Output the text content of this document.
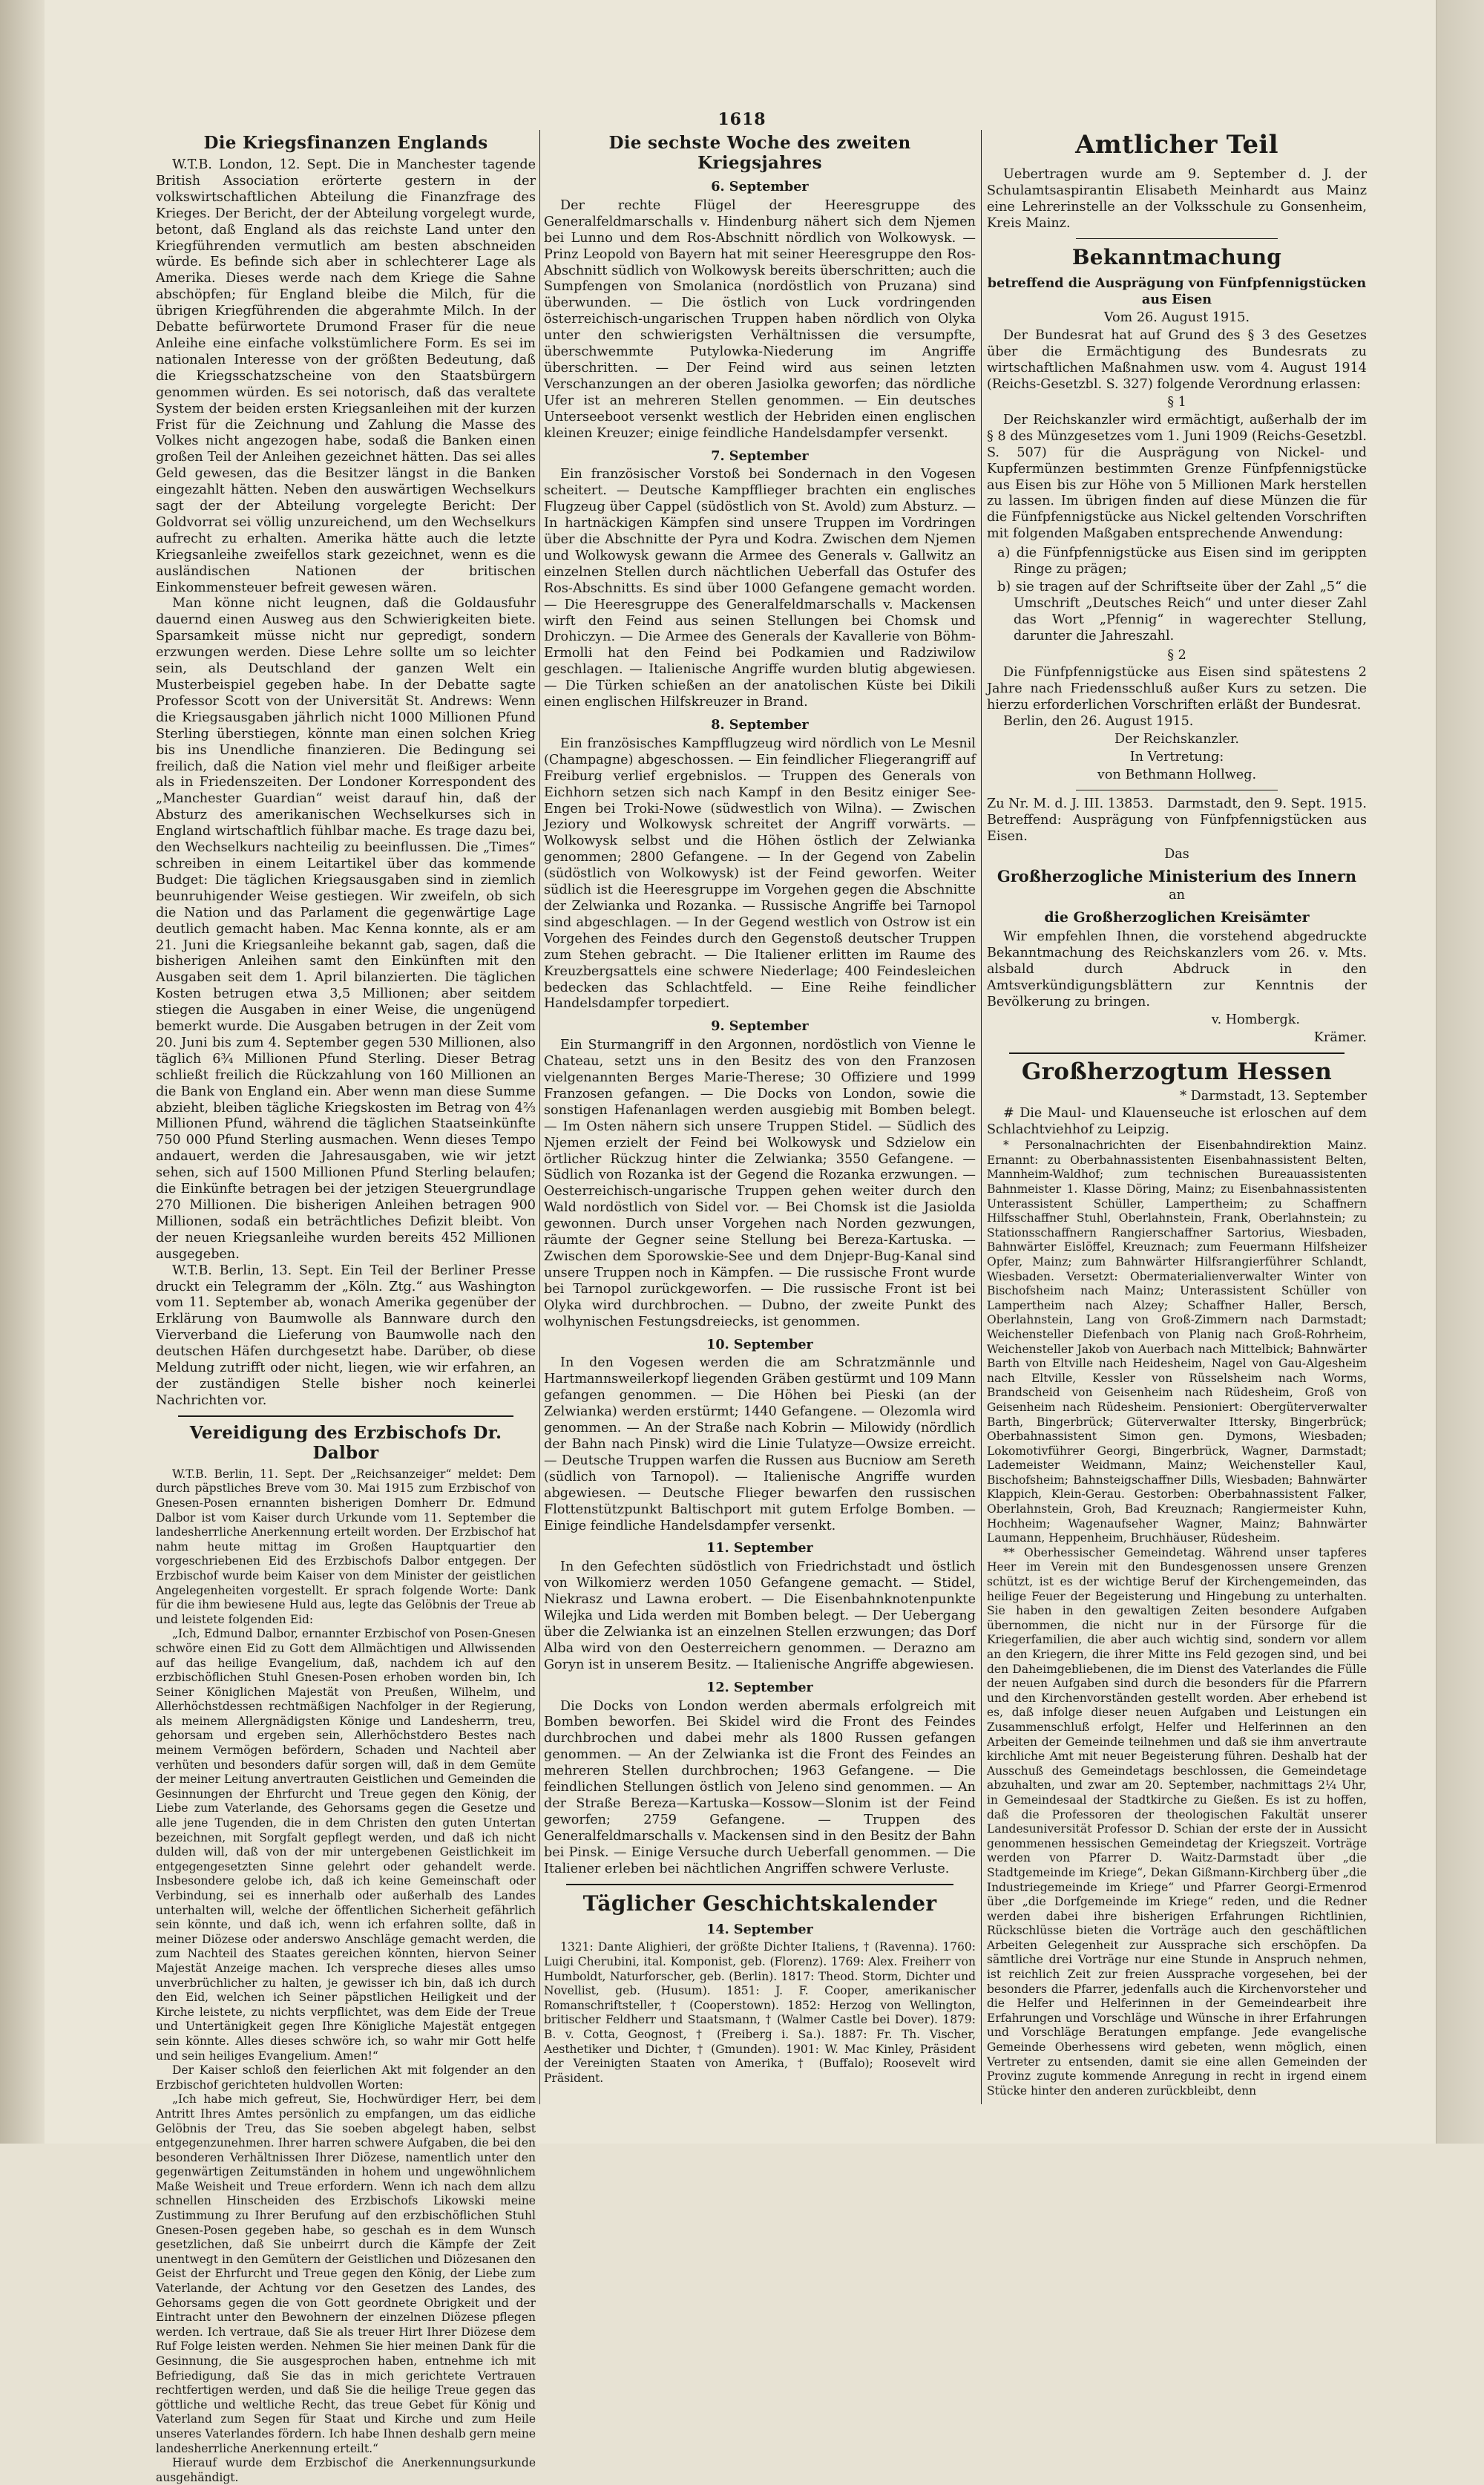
1618
Die Kriegsfinanzen Englands

W.T.B. London, 12. Sept. Die in Manchester tagende British Association erörterte gestern in der volkswirtschaftlichen Abteilung die Finanzfrage des Krieges. Der Bericht, der der Abteilung vorgelegt wurde, betont, daß England als das reichste Land unter den Kriegführenden vermutlich am besten abschneiden würde. Es befinde sich aber in schlechterer Lage als Amerika. Dieses werde nach dem Kriege die Sahne abschöpfen; für England bleibe die Milch, für die übrigen Kriegführenden die abgerahmte Milch. In der Debatte befürwortete Drumond Fraser für die neue Anleihe eine einfache volkstümlichere Form. Es sei im nationalen Interesse von der größten Bedeutung, daß die Kriegsschatzscheine von den Staatsbürgern genommen würden. Es sei notorisch, daß das veraltete System der beiden ersten Kriegsanleihen mit der kurzen Frist für die Zeichnung und Zahlung die Masse des Volkes nicht angezogen habe, sodaß die Banken einen großen Teil der Anleihen gezeichnet hätten. Das sei alles Geld gewesen, das die Besitzer längst in die Banken eingezahlt hätten. Neben den auswärtigen Wechselkurs sagt der der Abteilung vorgelegte Bericht: Der Goldvorrat sei völlig unzureichend, um den Wechselkurs aufrecht zu erhalten. Amerika hätte auch die letzte Kriegsanleihe zweifellos stark gezeichnet, wenn es die ausländischen Nationen der britischen Einkommensteuer befreit gewesen wären.

Man könne nicht leugnen, daß die Goldausfuhr dauernd einen Ausweg aus den Schwierigkeiten biete. Sparsamkeit müsse nicht nur gepredigt, sondern erzwungen werden. Diese Lehre sollte um so leichter sein, als Deutschland der ganzen Welt ein Musterbeispiel gegeben habe. In der Debatte sagte Professor Scott von der Universität St. Andrews: Wenn die Kriegsausgaben jährlich nicht 1000 Millionen Pfund Sterling überstiegen, könnte man einen solchen Krieg bis ins Unendliche finanzieren. Die Bedingung sei freilich, daß die Nation viel mehr und fleißiger arbeite als in Friedenszeiten. Der Londoner Korrespondent des „Manchester Guardian“ weist darauf hin, daß der Absturz des amerikanischen Wechselkurses sich in England wirtschaftlich fühlbar mache. Es trage dazu bei, den Wechselkurs nachteilig zu beeinflussen. Die „Times“ schreiben in einem Leitartikel über das kommende Budget: Die täglichen Kriegsausgaben sind in ziemlich beunruhigender Weise gestiegen. Wir zweifeln, ob sich die Nation und das Parlament die gegenwärtige Lage deutlich gemacht haben. Mac Kenna konnte, als er am 21. Juni die Kriegsanleihe bekannt gab, sagen, daß die bisherigen Anleihen samt den Einkünften mit den Ausgaben seit dem 1. April bilanzierten. Die täglichen Kosten betrugen etwa 3,5 Millionen; aber seitdem stiegen die Ausgaben in einer Weise, die ungenügend bemerkt wurde. Die Ausgaben betrugen in der Zeit vom 20. Juni bis zum 4. September gegen 530 Millionen, also täglich 6¾ Millionen Pfund Sterling. Dieser Betrag schließt freilich die Rückzahlung von 160 Millionen an die Bank von England ein. Aber wenn man diese Summe abzieht, bleiben tägliche Kriegskosten im Betrag von 4⅔ Millionen Pfund, während die täglichen Staatseinkünfte 750 000 Pfund Sterling ausmachen. Wenn dieses Tempo andauert, werden die Jahresausgaben, wie wir jetzt sehen, sich auf 1500 Millionen Pfund Sterling belaufen; die Einkünfte betragen bei der jetzigen Steuergrundlage 270 Millionen. Die bisherigen Anleihen betragen 900 Millionen, sodaß ein beträchtliches Defizit bleibt. Von der neuen Kriegsanleihe wurden bereits 452 Millionen ausgegeben.

W.T.B. Berlin, 13. Sept. Ein Teil der Berliner Presse druckt ein Telegramm der „Köln. Ztg.“ aus Washington vom 11. September ab, wonach Amerika gegenüber der Erklärung von Baumwolle als Bannware durch den Vierverband die Lieferung von Baumwolle nach den deutschen Häfen durchgesetzt habe. Darüber, ob diese Meldung zutrifft oder nicht, liegen, wie wir erfahren, an der zuständigen Stelle bisher noch keinerlei Nachrichten vor.

Vereidigung des Erzbischofs Dr. Dalbor

W.T.B. Berlin, 11. Sept. Der „Reichsanzeiger“ meldet: Dem durch päpstliches Breve vom 30. Mai 1915 zum Erzbischof von Gnesen-Posen ernannten bisherigen Domherr Dr. Edmund Dalbor ist vom Kaiser durch Urkunde vom 11. September die landesherrliche Anerkennung erteilt worden. Der Erzbischof hat nahm heute mittag im Großen Hauptquartier den vorgeschriebenen Eid des Erzbischofs Dalbor entgegen. Der Erzbischof wurde beim Kaiser von dem Minister der geistlichen Angelegenheiten vorgestellt. Er sprach folgende Worte: Dank für die ihm bewiesene Huld aus, legte das Gelöbnis der Treue ab und leistete folgenden Eid:

„Ich, Edmund Dalbor, ernannter Erzbischof von Posen-Gnesen schwöre einen Eid zu Gott dem Allmächtigen und Allwissenden auf das heilige Evangelium, daß, nachdem ich auf den erzbischöflichen Stuhl Gnesen-Posen erhoben worden bin, Ich Seiner Königlichen Majestät von Preußen, Wilhelm, und Allerhöchstdessen rechtmäßigen Nachfolger in der Regierung, als meinem Allergnädigsten Könige und Landesherrn, treu, gehorsam und ergeben sein, Allerhöchstdero Bestes nach meinem Vermögen befördern, Schaden und Nachteil aber verhüten und besonders dafür sorgen will, daß in dem Gemüte der meiner Leitung anvertrauten Geistlichen und Gemeinden die Gesinnungen der Ehrfurcht und Treue gegen den König, der Liebe zum Vaterlande, des Gehorsams gegen die Gesetze und alle jene Tugenden, die in dem Christen den guten Untertan bezeichnen, mit Sorgfalt gepflegt werden, und daß ich nicht dulden will, daß von der mir untergebenen Geistlichkeit im entgegengesetzten Sinne gelehrt oder gehandelt werde. Insbesondere gelobe ich, daß ich keine Gemeinschaft oder Verbindung, sei es innerhalb oder außerhalb des Landes unterhalten will, welche der öffentlichen Sicherheit gefährlich sein könnte, und daß ich, wenn ich erfahren sollte, daß in meiner Diözese oder anderswo Anschläge gemacht werden, die zum Nachteil des Staates gereichen könnten, hiervon Seiner Majestät Anzeige machen. Ich verspreche dieses alles umso unverbrüchlicher zu halten, je gewisser ich bin, daß ich durch den Eid, welchen ich Seiner päpstlichen Heiligkeit und der Kirche leistete, zu nichts verpflichtet, was dem Eide der Treue und Untertänigkeit gegen Ihre Königliche Majestät entgegen sein könnte. Alles dieses schwöre ich, so wahr mir Gott helfe und sein heiliges Evangelium. Amen!“

Der Kaiser schloß den feierlichen Akt mit folgender an den Erzbischof gerichteten huldvollen Worten:

„Ich habe mich gefreut, Sie, Hochwürdiger Herr, bei dem Antritt Ihres Amtes persönlich zu empfangen, um das eidliche Gelöbnis der Treu, das Sie soeben abgelegt haben, selbst entgegenzunehmen. Ihrer harren schwere Aufgaben, die bei den besonderen Verhältnissen Ihrer Diözese, namentlich unter den gegenwärtigen Zeitumständen in hohem und ungewöhnlichem Maße Weisheit und Treue erfordern. Wenn ich nach dem allzu schnellen Hinscheiden des Erzbischofs Likowski meine Zustimmung zu Ihrer Berufung auf den erzbischöflichen Stuhl Gnesen-Posen gegeben habe, so geschah es in dem Wunsch gesetzlichen, daß Sie unbeirrt durch die Kämpfe der Zeit unentwegt in den Gemütern der Geistlichen und Diözesanen den Geist der Ehrfurcht und Treue gegen den König, der Liebe zum Vaterlande, der Achtung vor den Gesetzen des Landes, des Gehorsams gegen die von Gott geordnete Obrigkeit und der Eintracht unter den Bewohnern der einzelnen Diözese pflegen werden. Ich vertraue, daß Sie als treuer Hirt Ihrer Diözese dem Ruf Folge leisten werden. Nehmen Sie hier meinen Dank für die Gesinnung, die Sie ausgesprochen haben, entnehme ich mit Befriedigung, daß Sie das in mich gerichtete Vertrauen rechtfertigen werden, und daß Sie die heilige Treue gegen das göttliche und weltliche Recht, das treue Gebet für König und Vaterland zum Segen für Staat und Kirche und zum Heile unseres Vaterlandes fördern. Ich habe Ihnen deshalb gern meine landesherrliche Anerkennung erteilt.“

Hierauf wurde dem Erzbischof die Anerkennungsurkunde ausgehändigt.

Die sechste Woche des zweiten Kriegsjahres
6. September

Der rechte Flügel der Heeresgruppe des Generalfeldmarschalls v. Hindenburg nähert sich dem Njemen bei Lunno und dem Ros-Abschnitt nördlich von Wolkowysk. — Prinz Leopold von Bayern hat mit seiner Heeresgruppe den Ros-Abschnitt südlich von Wolkowysk bereits überschritten; auch die Sumpfengen von Smolanica (nordöstlich von Pruzana) sind überwunden. — Die östlich von Luck vordringenden österreichisch-ungarischen Truppen haben nördlich von Olyka unter den schwierigsten Verhältnissen die versumpfte, überschwemmte Putylowka-Niederung im Angriffe überschritten. — Der Feind wird aus seinen letzten Verschanzungen an der oberen Jasiolka geworfen; das nördliche Ufer ist an mehreren Stellen genommen. — Ein deutsches Unterseeboot versenkt westlich der Hebriden einen englischen kleinen Kreuzer; einige feindliche Handelsdampfer versenkt.

7. September

Ein französischer Vorstoß bei Sondernach in den Vogesen scheitert. — Deutsche Kampfflieger brachten ein englisches Flugzeug über Cappel (südöstlich von St. Avold) zum Absturz. — In hartnäckigen Kämpfen sind unsere Truppen im Vordringen über die Abschnitte der Pyra und Kodra. Zwischen dem Njemen und Wolkowysk gewann die Armee des Generals v. Gallwitz an einzelnen Stellen durch nächtlichen Ueberfall das Ostufer des Ros-Abschnitts. Es sind über 1000 Gefangene gemacht worden. — Die Heeresgruppe des Generalfeldmarschalls v. Mackensen wirft den Feind aus seinen Stellungen bei Chomsk und Drohiczyn. — Die Armee des Generals der Kavallerie von Böhm-Ermolli hat den Feind bei Podkamien und Radziwilow geschlagen. — Italienische Angriffe wurden blutig abgewiesen. — Die Türken schießen an der anatolischen Küste bei Dikili einen englischen Hilfskreuzer in Brand.

8. September

Ein französisches Kampfflugzeug wird nördlich von Le Mesnil (Champagne) abgeschossen. — Ein feindlicher Fliegerangriff auf Freiburg verlief ergebnislos. — Truppen des Generals von Eichhorn setzen sich nach Kampf in den Besitz einiger See-Engen bei Troki-Nowe (südwestlich von Wilna). — Zwischen Jeziory und Wolkowysk schreitet der Angriff vorwärts. — Wolkowysk selbst und die Höhen östlich der Zelwianka genommen; 2800 Gefangene. — In der Gegend von Zabelin (südöstlich von Wolkowysk) ist der Feind geworfen. Weiter südlich ist die Heeresgruppe im Vorgehen gegen die Abschnitte der Zelwianka und Rozanka. — Russische Angriffe bei Tarnopol sind abgeschlagen. — In der Gegend westlich von Ostrow ist ein Vorgehen des Feindes durch den Gegenstoß deutscher Truppen zum Stehen gebracht. — Die Italiener erlitten im Raume des Kreuzbergsattels eine schwere Niederlage; 400 Feindesleichen bedecken das Schlachtfeld. — Eine Reihe feindlicher Handelsdampfer torpediert.

9. September

Ein Sturmangriff in den Argonnen, nordöstlich von Vienne le Chateau, setzt uns in den Besitz des von den Franzosen vielgenannten Berges Marie-Therese; 30 Offiziere und 1999 Franzosen gefangen. — Die Docks von London, sowie die sonstigen Hafenanlagen werden ausgiebig mit Bomben belegt. — Im Osten nähern sich unsere Truppen Stidel. — Südlich des Njemen erzielt der Feind bei Wolkowysk und Sdzielow ein örtlicher Rückzug hinter die Zelwianka; 3550 Gefangene. — Südlich von Rozanka ist der Gegend die Rozanka erzwungen. — Oesterreichisch-ungarische Truppen gehen weiter durch den Wald nordöstlich von Sidel vor. — Bei Chomsk ist die Jasiolda gewonnen. Durch unser Vorgehen nach Norden gezwungen, räumte der Gegner seine Stellung bei Bereza-Kartuska. — Zwischen dem Sporowskie-See und dem Dnjepr-Bug-Kanal sind unsere Truppen noch in Kämpfen. — Die russische Front wurde bei Tarnopol zurückgeworfen. — Die russische Front ist bei Olyka wird durchbrochen. — Dubno, der zweite Punkt des wolhynischen Festungsdreiecks, ist genommen.

10. September

In den Vogesen werden die am Schratzmännle und Hartmannsweilerkopf liegenden Gräben gestürmt und 109 Mann gefangen genommen. — Die Höhen bei Pieski (an der Zelwianka) werden erstürmt; 1440 Gefangene. — Olezomla wird genommen. — An der Straße nach Kobrin — Milowidy (nördlich der Bahn nach Pinsk) wird die Linie Tulatyze—Owsize erreicht. — Deutsche Truppen warfen die Russen aus Bucniow am Sereth (südlich von Tarnopol). — Italienische Angriffe wurden abgewiesen. — Deutsche Flieger bewarfen den russischen Flottenstützpunkt Baltischport mit gutem Erfolge Bomben. — Einige feindliche Handelsdampfer versenkt.

11. September

In den Gefechten südöstlich von Friedrichstadt und östlich von Wilkomierz werden 1050 Gefangene gemacht. — Stidel, Niekrasz und Lawna erobert. — Die Eisenbahnknotenpunkte Wilejka und Lida werden mit Bomben belegt. — Der Uebergang über die Zelwianka ist an einzelnen Stellen erzwungen; das Dorf Alba wird von den Oesterreichern genommen. — Derazno am Goryn ist in unserem Besitz. — Italienische Angriffe abgewiesen.

12. September

Die Docks von London werden abermals erfolgreich mit Bomben beworfen. Bei Skidel wird die Front des Feindes durchbrochen und dabei mehr als 1800 Russen gefangen genommen. — An der Zelwianka ist die Front des Feindes an mehreren Stellen durchbrochen; 1963 Gefangene. — Die feindlichen Stellungen östlich von Jeleno sind genommen. — An der Straße Bereza—Kartuska—Kossow—Slonim ist der Feind geworfen; 2759 Gefangene. — Truppen des Generalfeldmarschalls v. Mackensen sind in den Besitz der Bahn bei Pinsk. — Einige Versuche durch Ueberfall genommen. — Die Italiener erleben bei nächtlichen Angriffen schwere Verluste.

Täglicher Geschichtskalender
14. September

1321: Dante Alighieri, der größte Dichter Italiens, † (Ravenna). 1760: Luigi Cherubini, ital. Komponist, geb. (Florenz). 1769: Alex. Freiherr von Humboldt, Naturforscher, geb. (Berlin). 1817: Theod. Storm, Dichter und Novellist, geb. (Husum). 1851: J. F. Cooper, amerikanischer Romanschriftsteller, † (Cooperstown). 1852: Herzog von Wellington, britischer Feldherr und Staatsmann, † (Walmer Castle bei Dover). 1879: B. v. Cotta, Geognost, † (Freiberg i. Sa.). 1887: Fr. Th. Vischer, Aesthetiker und Dichter, † (Gmunden). 1901: W. Mac Kinley, Präsident der Vereinigten Staaten von Amerika, † (Buffalo); Roosevelt wird Präsident.

Amtlicher Teil

Uebertragen wurde am 9. September d. J. der Schulamtsaspirantin Elisabeth Meinhardt aus Mainz eine Lehrerinstelle an der Volksschule zu Gonsenheim, Kreis Mainz.

Bekanntmachung
betreffend die Ausprägung von Fünfpfennigstücken aus Eisen
Vom 26. August 1915.

Der Bundesrat hat auf Grund des § 3 des Gesetzes über die Ermächtigung des Bundesrats zu wirtschaftlichen Maßnahmen usw. vom 4. August 1914 (Reichs-Gesetzbl. S. 327) folgende Verordnung erlassen:

§ 1

Der Reichskanzler wird ermächtigt, außerhalb der im § 8 des Münzgesetzes vom 1. Juni 1909 (Reichs-Gesetzbl. S. 507) für die Ausprägung von Nickel- und Kupfermünzen bestimmten Grenze Fünfpfennigstücke aus Eisen bis zur Höhe von 5 Millionen Mark herstellen zu lassen. Im übrigen finden auf diese Münzen die für die Fünfpfennigstücke aus Nickel geltenden Vorschriften mit folgenden Maßgaben entsprechende Anwendung:

a) die Fünfpfennigstücke aus Eisen sind im gerippten Ringe zu prägen;
b) sie tragen auf der Schriftseite über der Zahl „5“ die Umschrift „Deutsches Reich“ und unter dieser Zahl das Wort „Pfennig“ in wagerechter Stellung, darunter die Jahreszahl.
§ 2

Die Fünfpfennigstücke aus Eisen sind spätestens 2 Jahre nach Friedensschluß außer Kurs zu setzen. Die hierzu erforderlichen Vorschriften erläßt der Bundesrat.

Berlin, den 26. August 1915.

Der Reichskanzler.
In Vertretung:
von Bethmann Hollweg.
Zu Nr. M. d. J. III. 13853. Darmstadt, den 9. Sept. 1915.
Betreffend: Ausprägung von Fünfpfennigstücken aus Eisen.
Das
Großherzogliche Ministerium des Innern
an
die Großherzoglichen Kreisämter

Wir empfehlen Ihnen, die vorstehend abgedruckte Bekanntmachung des Reichskanzlers vom 26. v. Mts. alsbald durch Abdruck in den Amtsverkündigungsblättern zur Kenntnis der Bevölkerung zu bringen.

v. Hombergk.
Krämer.
Großherzogtum Hessen
* Darmstadt, 13. September

# Die Maul- und Klauenseuche ist erloschen auf dem Schlachtviehhof zu Leipzig.

* Personalnachrichten der Eisenbahndirektion Mainz. Ernannt: zu Oberbahnassistenten Eisenbahnassistent Belten, Mannheim-Waldhof; zum technischen Bureauassistenten Bahnmeister 1. Klasse Döring, Mainz; zu Eisenbahnassistenten Unterassistent Schüller, Lampertheim; zu Schaffnern Hilfsschaffner Stuhl, Oberlahnstein, Frank, Oberlahnstein; zu Stationsschaffnern Rangierschaffner Sartorius, Wiesbaden, Bahnwärter Eislöffel, Kreuznach; zum Feuermann Hilfsheizer Opfer, Mainz; zum Bahnwärter Hilfsrangierführer Schlandt, Wiesbaden. Versetzt: Obermaterialienverwalter Winter von Bischofsheim nach Mainz; Unterassistent Schüller von Lampertheim nach Alzey; Schaffner Haller, Bersch, Oberlahnstein, Lang von Groß-Zimmern nach Darmstadt; Weichensteller Diefenbach von Planig nach Groß-Rohrheim, Weichensteller Jakob von Auerbach nach Mittelbick; Bahnwärter Barth von Eltville nach Heidesheim, Nagel von Gau-Algesheim nach Eltville, Kessler von Rüsselsheim nach Worms, Brandscheid von Geisenheim nach Rüdesheim, Groß von Geisenheim nach Rüdesheim. Pensioniert: Obergüterverwalter Barth, Bingerbrück; Güterverwalter Ittersky, Bingerbrück; Oberbahnassistent Simon gen. Dymons, Wiesbaden; Lokomotivführer Georgi, Bingerbrück, Wagner, Darmstadt; Lademeister Weidmann, Mainz; Weichensteller Kaul, Bischofsheim; Bahnsteigschaffner Dills, Wiesbaden; Bahnwärter Klappich, Klein-Gerau. Gestorben: Oberbahnassistent Falker, Oberlahnstein, Groh, Bad Kreuznach; Rangiermeister Kuhn, Hochheim; Wagenaufseher Wagner, Mainz; Bahnwärter Laumann, Heppenheim, Bruchhäuser, Rüdesheim.

** Oberhessischer Gemeindetag. Während unser tapferes Heer im Verein mit den Bundesgenossen unsere Grenzen schützt, ist es der wichtige Beruf der Kirchengemeinden, das heilige Feuer der Begeisterung und Hingebung zu unterhalten. Sie haben in den gewaltigen Zeiten besondere Aufgaben übernommen, die nicht nur in der Fürsorge für die Kriegerfamilien, die aber auch wichtig sind, sondern vor allem an den Kriegern, die ihrer Mitte ins Feld gezogen sind, und bei den Daheimgebliebenen, die im Dienst des Vaterlandes die Fülle der neuen Aufgaben sind durch die besonders für die Pfarrern und den Kirchenvorständen gestellt worden. Aber erhebend ist es, daß infolge dieser neuen Aufgaben und Leistungen ein Zusammenschluß erfolgt, Helfer und Helferinnen an den Arbeiten der Gemeinde teilnehmen und daß sie ihm anvertraute kirchliche Amt mit neuer Begeisterung führen. Deshalb hat der Ausschuß des Gemeindetags beschlossen, die Gemeindetage abzuhalten, und zwar am 20. September, nachmittags 2¼ Uhr, in Gemeindesaal der Stadtkirche zu Gießen. Es ist zu hoffen, daß die Professoren der theologischen Fakultät unserer Landesuniversität Professor D. Schian der erste der in Aussicht genommenen hessischen Gemeindetag der Kriegszeit. Vorträge werden von Pfarrer D. Waitz-Darmstadt über „die Stadtgemeinde im Kriege“, Dekan Gißmann-Kirchberg über „die Industriegemeinde im Kriege“ und Pfarrer Georgi-Ermenrod über „die Dorfgemeinde im Kriege“ reden, und die Redner werden dabei ihre bisherigen Erfahrungen Richtlinien, Rückschlüsse bieten die Vorträge auch den geschäftlichen Arbeiten Gelegenheit zur Aussprache sich erschöpfen. Da sämtliche drei Vorträge nur eine Stunde in Anspruch nehmen, ist reichlich Zeit zur freien Aussprache vorgesehen, bei der besonders die Pfarrer, jedenfalls auch die Kirchenvorsteher und die Helfer und Helferinnen in der Gemeindearbeit ihre Erfahrungen und Vorschläge und Wünsche in ihrer Erfahrungen und Vorschläge Beratungen empfange. Jede evangelische Gemeinde Oberhessens wird gebeten, wenn möglich, einen Vertreter zu entsenden, damit sie eine allen Gemeinden der Provinz zugute kommende Anregung in recht in irgend einem Stücke hinter den anderen zurückbleibt, denn
